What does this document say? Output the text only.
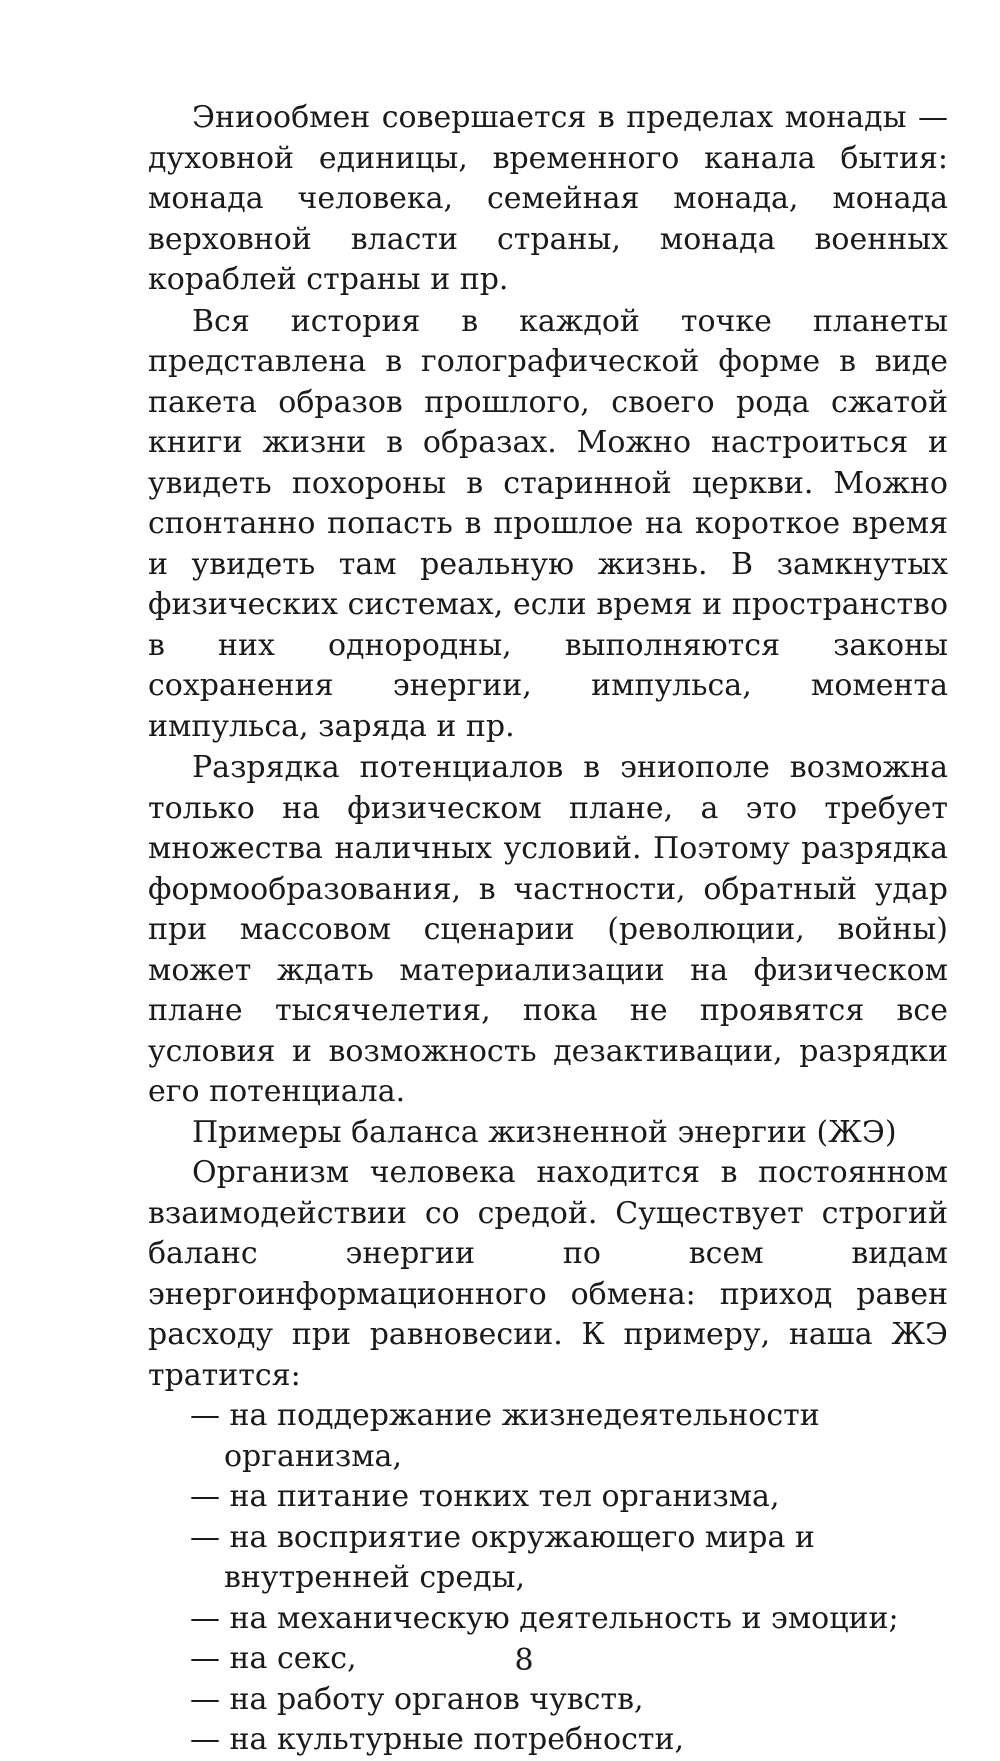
Эниообмен совершается в пределах монады — духовной единицы, временного канала бытия: монада человека, семейная монада, монада верховной власти страны, монада военных кораблей страны и пр.

Вся история в каждой точке планеты представлена в голографической форме в виде пакета образов прошлого, своего рода сжатой книги жизни в образах. Можно настроиться и увидеть похороны в старинной церкви. Можно спонтанно попасть в прошлое на короткое время и увидеть там реальную жизнь. В замкнутых физических системах, если время и пространство в них однородны, выполняются законы сохранения энергии, импульса, момента импульса, заряда и пр.

Разрядка потенциалов в эниополе возможна только на физическом плане, а это требует множества наличных условий. Поэтому разрядка формообразования, в частности, обратный удар при массовом сценарии (революции, войны) может ждать материализации на физическом плане тысячелетия, пока не проявятся все условия и возможность дезактивации, разрядки его потенциала.

Примеры баланса жизненной энергии (ЖЭ)

Организм человека находится в постоянном взаимодействии со средой. Существует строгий баланс энергии по всем видам энергоинформационного обмена: приход равен расходу при равновесии. К примеру, наша ЖЭ тратится:

— на поддержание жизнедеятельности организма,
— на питание тонких тел организма,
— на восприятие окружающего мира и внутренней среды,
— на механическую деятельность и эмоции;
— на секс,
— на работу органов чувств,
— на культурные потребности,
8
